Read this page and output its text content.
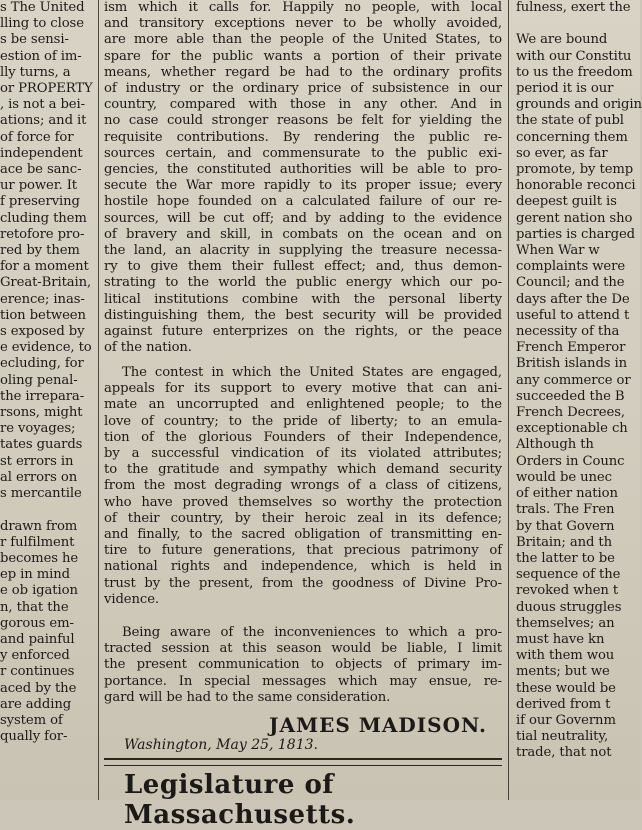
s The United
lling to close
s be sensi-
estion of im-
lly turns, a
or PROPERTY
, is not a bei-
ations; and it
of force for
independent
ace be sanc-
ur power. It
f preserving
cluding them
retofore pro-
red by them
for a moment
Great-Britain,
erence; inas-
tion between
s exposed by
e evidence, to
ecluding, for
oling penal-
the irrepara-
rsons, might
re voyages;
tates guards
st errors in
al errors on
s mercantile

drawn from
r fulfilment
becomes he
ep in mind
e ob igation
n, that the
gorous em-
and painful
y enforced
r continues
aced by the
are adding
system of
qually for-
ism which it calls for. Happily no people, with local
and transitory exceptions never to be wholly avoided,
are more able than the people of the United States, to
spare for the public wants a portion of their private
means, whether regard be had to the ordinary profits
of industry or the ordinary price of subsistence in our
country, compared with those in any other. And in
no case could stronger reasons be felt for yielding the
requisite contributions. By rendering the public re-
sources certain, and commensurate to the public exi-
gencies, the constituted authorities will be able to pro-
secute the War more rapidly to its proper issue; every
hostile hope founded on a calculated failure of our re-
sources, will be cut off; and by adding to the evidence
of bravery and skill, in combats on the ocean and on
the land, an alacrity in supplying the treasure necessa-
ry to give them their fullest effect; and, thus demon-
strating to the world the public energy which our po-
litical institutions combine with the personal liberty
distinguishing them, the best security will be provided
against future enterprizes on the rights, or the peace
of the nation.
The contest in which the United States are engaged,
appeals for its support to every motive that can ani-
mate an uncorrupted and enlightened people; to the
love of country; to the pride of liberty; to an emula-
tion of the glorious Founders of their Independence,
by a successful vindication of its violated attributes;
to the gratitude and sympathy which demand security
from the most degrading wrongs of a class of citizens,
who have proved themselves so worthy the protection
of their country, by their heroic zeal in its defence;
and finally, to the sacred obligation of transmitting en-
tire to future generations, that precious patrimony of
national rights and independence, which is held in
trust by the present, from the goodness of Divine Pro-
vidence.
Being aware of the inconveniences to which a pro-
tracted session at this season would be liable, I limit
the present communication to objects of primary im-
portance. In special messages which may ensue, re-
gard will be had to the same consideration.
JAMES MADISON.
Washington, May 25, 1813.
Legislature of Massachusetts.
fulness, exert the

We are bound
with our Constitu
to us the freedom
period it is our
grounds and origin
the state of publ
concerning them
so ever, as far
promote, by temp
honorable reconci
deepest guilt is
gerent nation sho
parties is charged
When War w
complaints were
Council; and the
days after the De
useful to attend t
necessity of tha
French Emperor
British islands in
any commerce or
succeeded the B
French Decrees,
exceptionable ch
Although th
Orders in Counc
would be unec
of either nation
trals. The Fren
by that Govern
Britain; and th
the latter to be
sequence of the
revoked when t
duous struggles
themselves; an
must have kn
with them wou
ments; but we
these would be
derived from t
if our Governm
tial neutrality,
trade, that not
